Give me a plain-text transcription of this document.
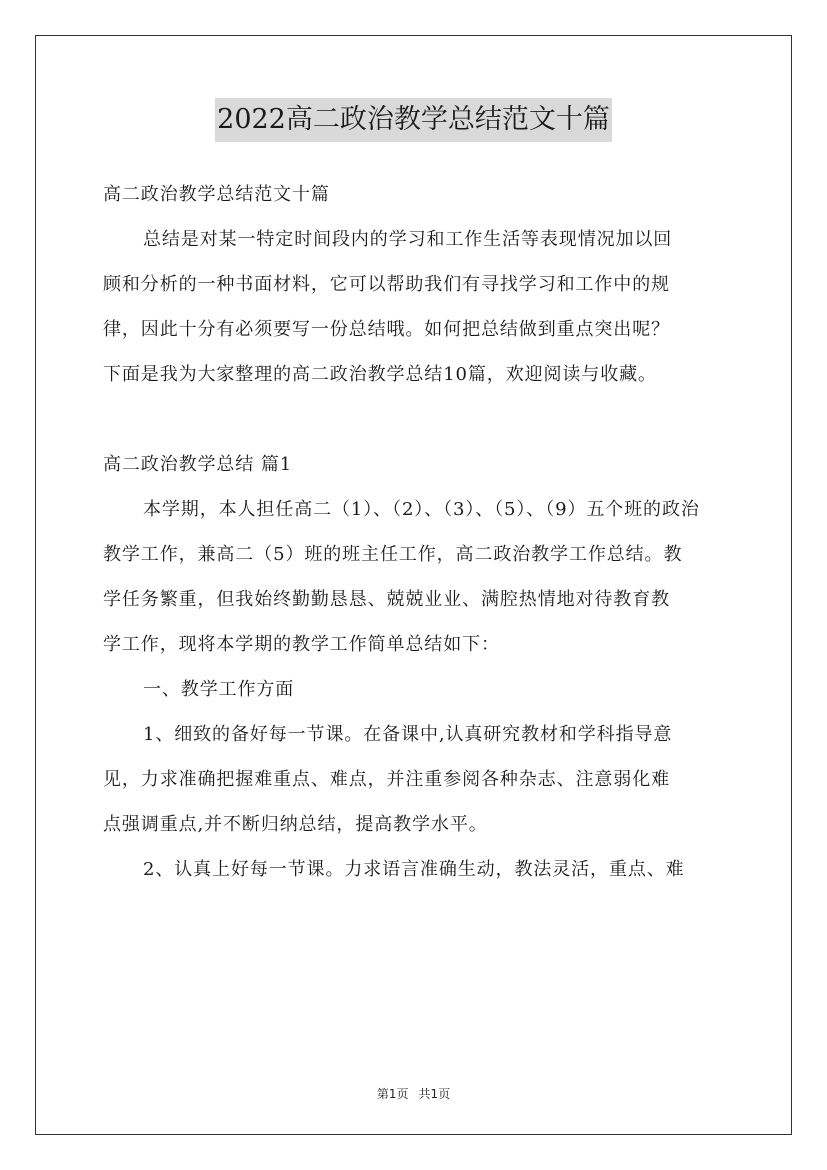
2022高二政治教学总结范文十篇
高二政治教学总结范文十篇
总结是对某一特定时间段内的学习和工作生活等表现情况加以回
顾和分析的一种书面材料，它可以帮助我们有寻找学习和工作中的规
律，因此十分有必须要写一份总结哦。如何把总结做到重点突出呢？
下面是我为大家整理的高二政治教学总结10篇，欢迎阅读与收藏。
高二政治教学总结 篇1
本学期，本人担任高二（1）、（2）、（3）、（5）、（9）五个班的政治
教学工作，兼高二（5）班的班主任工作，高二政治教学工作总结。教
学任务繁重，但我始终勤勤恳恳、兢兢业业、满腔热情地对待教育教
学工作，现将本学期的教学工作简单总结如下：
一、教学工作方面
1、细致的备好每一节课。在备课中,认真研究教材和学科指导意
见，力求准确把握难重点、难点，并注重参阅各种杂志、注意弱化难
点强调重点,并不断归纳总结，提高教学水平。
2、认真上好每一节课。力求语言准确生动，教法灵活，重点、难
第1页 共1页
